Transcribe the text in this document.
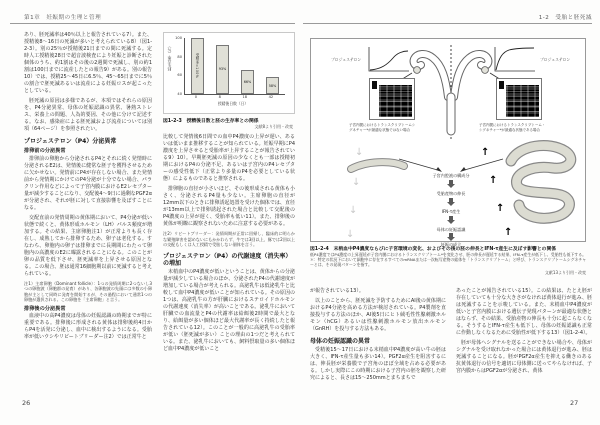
第1章　妊娠期の生理と管理

あり、胚死滅率は40％以上と報告されている7）。また、授精後8～16日の死滅が多いと考えられている8）（図1-2-3）。別の25％が授精後21日までの間に死滅する。定時人工授精後28日で超音波検査により妊娠と診断された個体のうち、約1割はその後の2週間で死滅し、別の約1割は100日までに流産したとの報告9）がある。別の報告10）では、授精25～45日に6.5％、45～65日までに5％の割合で胚死滅あるいは流産による妊娠ロスが起こったとしている。

胚死滅の原因は多様であるが、本項ではそれらの原因を、P4分泌異常、母体の妊娠認識の異常、暑熱ストレス、栄養上の問題、人為的要因、その他に分けて記述する。なお、感染症による胚死滅および流産については別項（64ページ）を参照されたい。

プロジェステロン（P4）分泌異常
排卵前の分泌異常

排卵前の卵胞から分泌されるP4とそれに続く発情時に分泌されるE2は、発情後に健常な胚子を獲得させるために欠かせない。発情前にP4が存在しない場合、また発情前から発情期にかけてのP4分泌が十分でない場合、パラクリン作用などによって子宮内膜におけるE2レセプター量が減少することになり、交配後4～9日に過剰なPGF2αが分泌され、それが胚に対して直接影響を及ぼすことになる。

交配直前の発情周期の黄体期において、P4分泌が低い状態で続くと、黄体形成ホルモン（LH）パルス頻度が増加する。その結果、主席卵胞注1）が正常よりも長く存在し、成熟してから排卵するため、卵子は老化する。すなわち、卵胞内の卵子は排卵までに長期間にわたって卵胞内の高濃度のE2に曝露されることになる。このことが卵の品質を低下させ、胚死滅率を上昇させる原因となる。この場合、胚は通常16細胞期以前に死滅すると考えられている。

注1）主席卵胞（Dominant follicle）：1つの発情周期に2つないし3つの卵胞波（卵胞群の発育）があり、各卵胞波の先頭には多数の小卵胞が主として同時に発育を開始するが、その過程において通常1つの卵胞が選択される。この卵胞を「主席卵胞」と言う。

排卵後の分泌異常

血液中の高P4濃度は母体の妊娠認識の時期までが特に重要である。排卵後に形成される黄体は排卵後約4日からP4を活発に分泌し、血中に検出するようになる。受胎率が低いウシやリピートブリーダー注2）では正常牛と

40
60
80
100
受精率=100%	93%
66%
58%
0	8	18	42
胚生存率（％）
授精後日数（日）
図1-2-3　授精後日数と胚の生存率との関係
文献8より引用・改変

比較して発情後6日間での血中P4濃度の上昇が遅い、あるいは低いまま推移することが知られている。妊娠早期にP4濃度を上昇させると受胎率が上昇することが報告されている9）10）。早期胚死滅の原因の少なくとも一部は授精初期におけるP4の分泌不足、あるいは子宮内のP4レセプターの感受性低下（正常より多量のP4を必要としている状態）によるものであると推察される。

排卵胞の直径が小さいほど、その後形成される黄体も小さく、分泌されるP4量も少ない。主席卵胞の直径が12mm以下のときに排卵誘起処置を受けた個体では、直径が13mm以上で排卵誘起された場合と比較して交配後のP4濃度の上昇が遅く、受胎率も低い11）。また、排卵後の黄体が明瞭に観察されないために注意する必要がある。

注2）リピートブリーダー：発情周期が正常に回帰し、臨床的に明らかな繁殖障害を認めないにもかかわらず、牛では3回以上、豚では2回以上の交配もしくは人工授精で受胎しない個体を言う。

プロジェステロン（P4）の代謝速度（消失率）の増加

末梢血中のP4濃度が低いということは、黄体からの分泌量が減少している場合のほか、分泌されたP4の代謝速度が増加している場合が考えられる。高泌乳牛は低泌乳牛と比較して血中P4濃度が低いことが知られている。その原因の1つは、高泌乳牛の方が肝臓におけるステロイドホルモンの代謝速度（消失率）が高いことである。泌乳牛において肝臓での血流量とP4の代謝率は給餌後2時間で最大となり、給餌量が多い個体ほど最大代謝率が長く持続したと報告されている12）。このことが一般的に高泌乳牛の受胎率が低い（胚死滅が多い）ことの理由の1つだと考えられている。また、泌乳牛においても、飼料摂取量の多い個体ほど血中P4濃度が低いこと

26
1-2　受胎と胚死滅
プロジェステロン	プロジェステロン
子宮内膜におけるトランスクリプトームシ
グネチャー*が最適な状態ではない場合
子宮内膜におけるトランスクリプトーム・
シグネチャー*が最適な状態である場合
子宮内腔液の構成分
受胎産物の伸長
IFN-τ産生
母体の妊娠認識
妊娠の成立
↓
↓
↓
↓
↑
↑
↑
↑
図1-2-4　末梢血中P4濃度ならびに子宮環境の変化、およびその後の胚の伸長とIFN-τ産生に及ぼす影響との関係
低P4濃度ではP4濃度の上昇遅延が子宮内膜におけるトランスクリプトーム*を変化させ、胚の伸長が遅延する結果、IFN-τ産生が低下し、受胎性も低下する。　＊：特定の状況下において細胞中に存在するすべてのmRNAまたは一次転写産物の総体を「トランスクリプトーム」と呼び、トランスクリプトームシグネチャーとは、その発現パターンを指す。
文献13より引用・改変

が報告されている13）。

以上のことから、胚死滅を予防するためにAI後の黄体期におけるP4分泌を高める方法が検討されている。P4製剤を直接投与する方法のほか、AI後5日にヒト絨毛性性腺刺激ホルモン（hCG）あるいは性腺刺激ホルモン放出ホルモン（GnRH）を投与する方法もある。

母体の妊娠認識の異常

受精後15～17日における末梢血中P4濃度が高い牛の胚は大きく、IFN-τ産生量も多い14）。PGF2α産生を阻害するには、伸長胚が栄養膜で子宮角のほぼ全域を占める必要がある。しかし実際にこの時期における子宮内の胚を観察した研究によると、長さは15～250mmとまちまちで

あったことが報告されている15）。この結果は、たとえ胚が存在していても十分な大きさがなければ黄体退行が進み、胚は死滅することを示唆している。また、末梢血中P4濃度が低いと子宮内膜における遺伝子発現パターンが最適な状態とはならず、その結果、受胎産物の伸長も十分に起こらなくなる。そうするとIFN-τ産生も低下し、母体の妊娠認識も正常に作動しなくなるために受胎性が低下する13）（図1-2-4）。

胚が母体へシグナルを送ることができない場合や、母体がシグナルを受け取れなかった場合には黄体退行が進み、胚は死滅することになる。胚がPGF2α産生を抑える働きのある抗黄体退行の信号を適切に母体側に送ってやらなければ、子宮内膜からはPGF2αが分泌され、黄体

27
